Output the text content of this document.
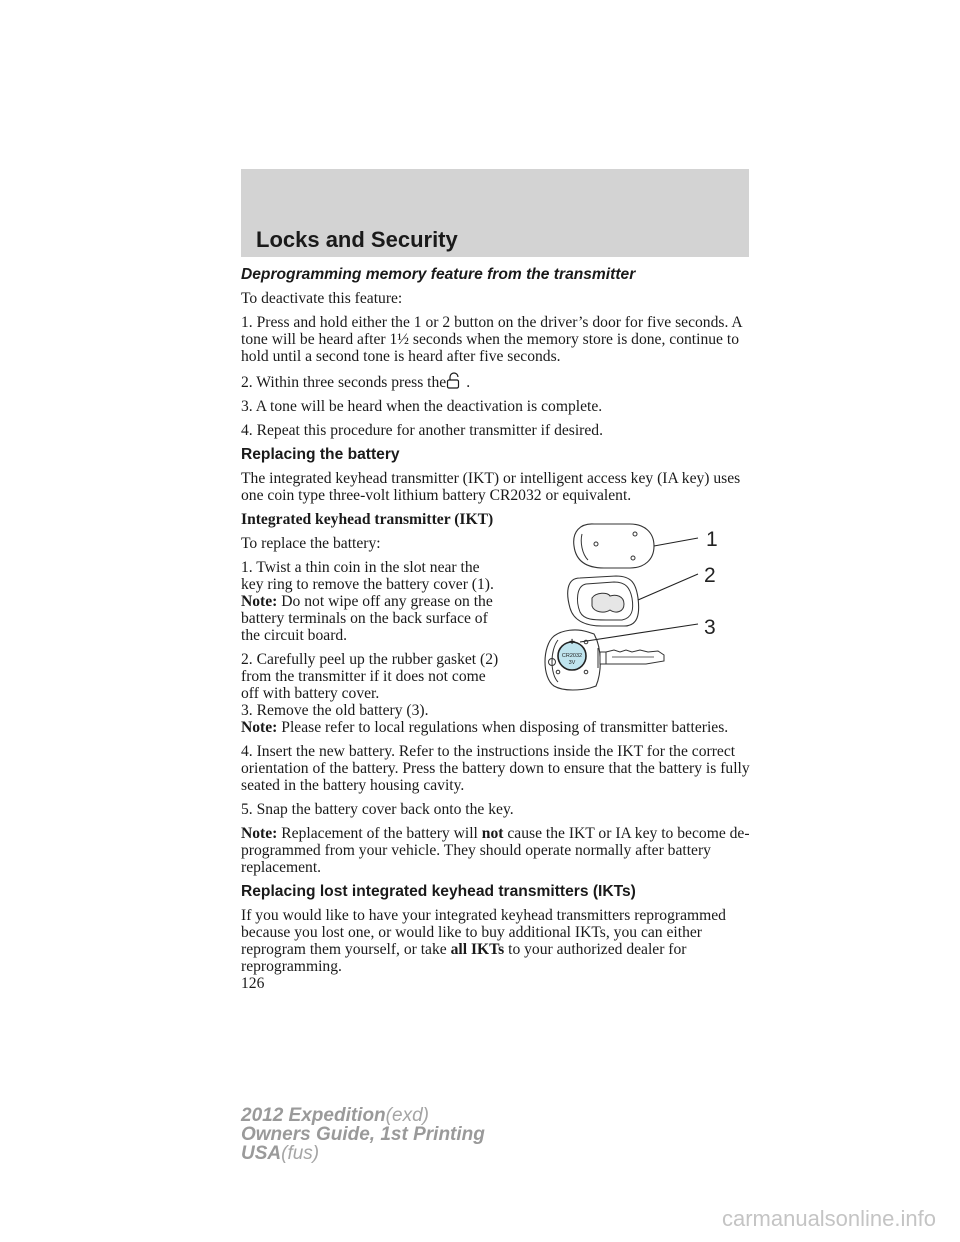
Locks and Security

Deprogramming memory feature from the transmitter

To deactivate this feature:

1. Press and hold either the 1 or 2 button on the driver’s door for five seconds. A tone will be heard after 1½ seconds when the memory store is done, continue to hold until a second tone is heard after five seconds.

2. Within three seconds press the .

3. A tone will be heard when the deactivation is complete.

4. Repeat this procedure for another transmitter if desired.

Replacing the battery

The integrated keyhead transmitter (IKT) or intelligent access key (IA key) uses one coin type three-volt lithium battery CR2032 or equivalent.

Integrated keyhead transmitter (IKT)

To replace the battery:

1. Twist a thin coin in the slot near the key ring to remove the battery cover (1).

Note: Do not wipe off any grease on the battery terminals on the back surface of the circuit board.

2. Carefully peel up the rubber gasket (2) from the transmitter if it does not come off with battery cover.

3. Remove the old battery (3).

Note: Please refer to local regulations when disposing of transmitter batteries.

4. Insert the new battery. Refer to the instructions inside the IKT for the correct orientation of the battery. Press the battery down to ensure that the battery is fully seated in the battery housing cavity.

5. Snap the battery cover back onto the key.

Note: Replacement of the battery will not cause the IKT or IA key to become de-programmed from your vehicle. They should operate normally after battery replacement.

Replacing lost integrated keyhead transmitters (IKTs)

If you would like to have your integrated keyhead transmitters reprogrammed because you lost one, or would like to buy additional IKTs, you can either reprogram them yourself, or take all IKTs to your authorized dealer for reprogramming.

126

+
CR2032
3V
1
2
3
2012 Expedition(exd)
Owners Guide, 1st Printing
USA(fus)
carmanualsonline.info
